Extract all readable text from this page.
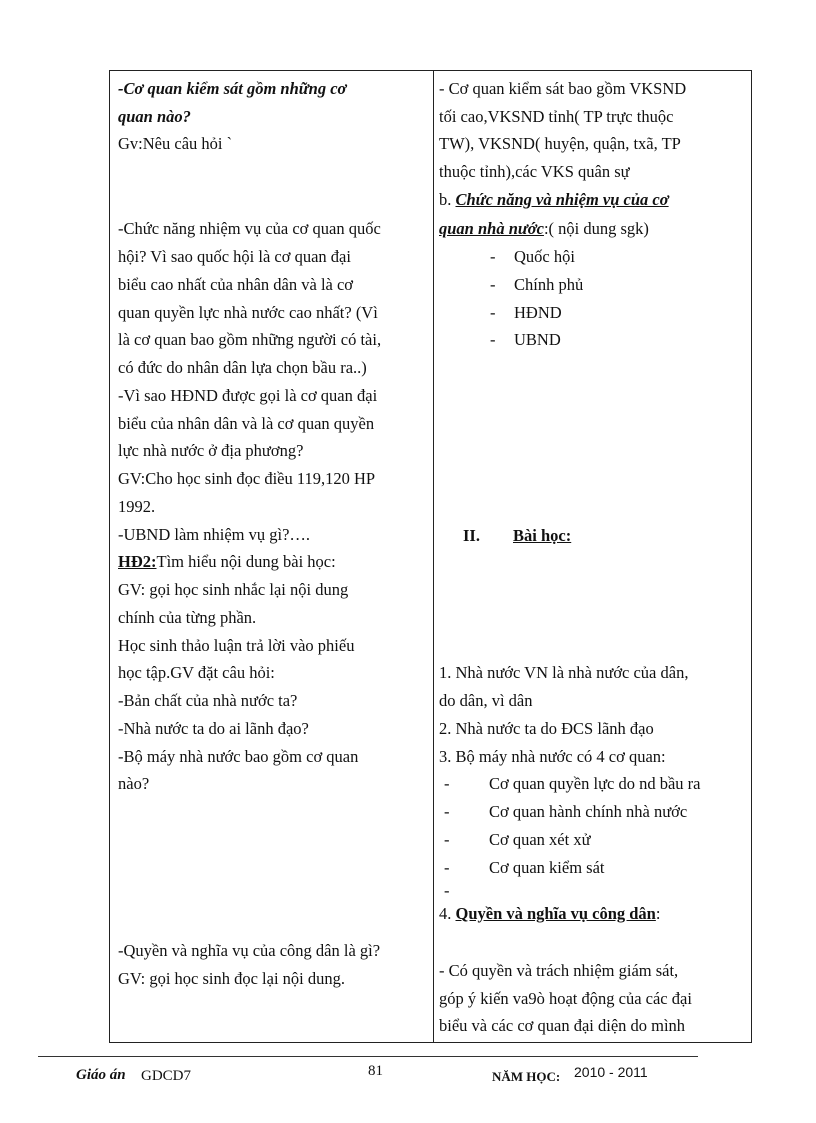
-Cơ quan kiểm sát gồm những cơ
quan nào?
Gv:Nêu câu hỏi `
-Chức năng nhiệm vụ của cơ quan quốc
hội? Vì sao quốc hội là cơ quan đại
biểu cao nhất của nhân dân và là cơ
quan quyền lực nhà nước cao nhất? (Vì
là cơ quan bao gồm những người có tài,
có đức do nhân dân lựa chọn bầu ra..)
-Vì sao HĐND được gọi là cơ quan đại
biểu của nhân dân và là cơ quan quyền
lực nhà nước ở địa phương?
GV:Cho học sinh đọc điều 119,120 HP
1992.
-UBND làm nhiệm vụ gì?….
HĐ2:Tìm hiểu nội dung bài học:
GV: gọi học sinh nhắc lại nội dung
chính của từng phần.
Học sinh thảo luận trả lời vào phiếu
học tập.GV đặt câu hỏi:
-Bản chất của nhà nước ta?
-Nhà nước ta do ai lãnh đạo?
-Bộ máy nhà nước bao gồm cơ quan
nào?
-Quyền và nghĩa vụ của công dân là gì?
GV: gọi học sinh đọc lại nội dung.
- Cơ quan kiểm sát bao gồm VKSND
tối cao,VKSND tỉnh( TP trực thuộc
TW), VKSND( huyện, quận, txã, TP
thuộc tỉnh),các VKS quân sự
b. Chức năng và nhiệm vụ của cơ
quan nhà nước:( nội dung sgk)
- Quốc hội
- Chính phủ
- HĐND
- UBND
II. Bài học:
1. Nhà nước VN là nhà nước của dân,
do dân, vì dân
2. Nhà nước ta do ĐCS lãnh đạo
3. Bộ máy nhà nước có 4 cơ quan:
- Cơ quan quyền lực do nd bầu ra
- Cơ quan hành chính nhà nước
- Cơ quan xét xử
- Cơ quan kiểm sát
-
4. Quyền và nghĩa vụ công dân:
- Có quyền và trách nhiệm giám sát,
góp ý kiến va9ò hoạt động của các đại
biểu và các cơ quan đại diện do mình
Giáo án GDCD7	81	NĂM HỌC: 2010 - 2011
